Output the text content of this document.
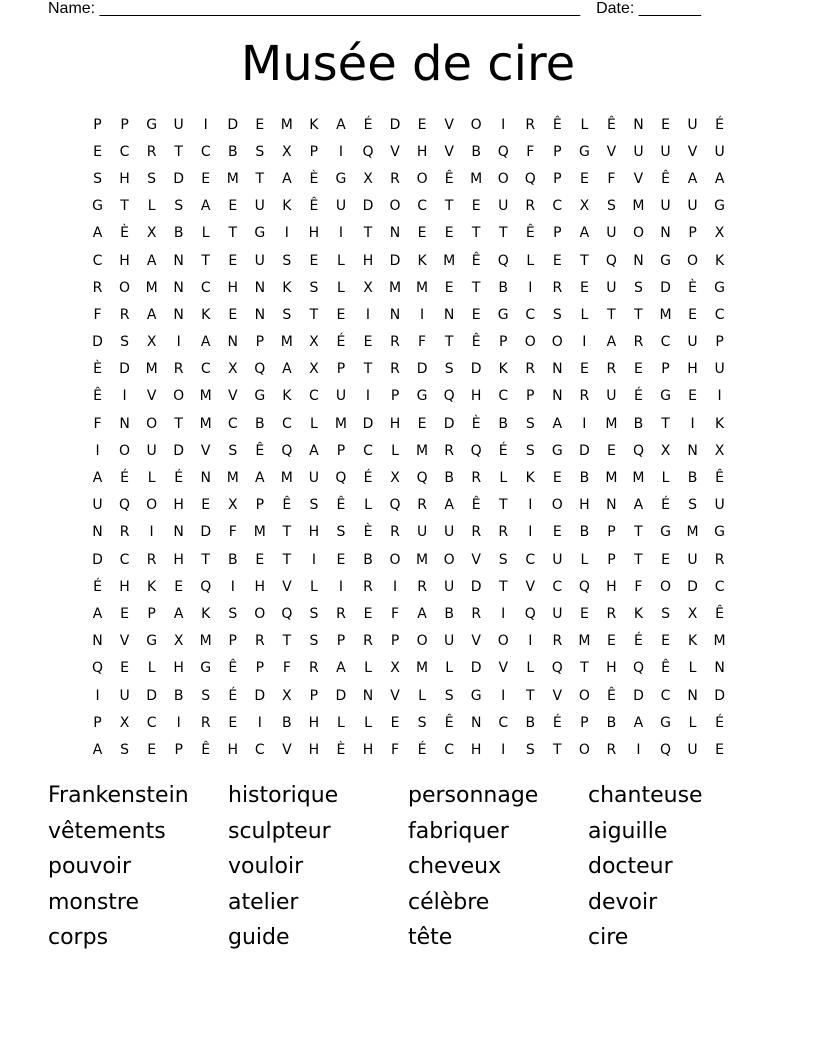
Name: ______________________________________________________ Date: _______
Musée de cire
P	P	G	U	I	D	E	M	K	A	É	D	E	V	O	I	R	Ê	L	Ê	N	E	U	É
E	C	R	T	C	B	S	X	P	I	Q	V	H	V	B	Q	F	P	G	V	U	U	V	U
S	H	S	D	E	M	T	A	È	G	X	R	O	Ê	M	O	Q	P	E	F	V	Ê	A	A
G	T	L	S	A	E	U	K	Ê	U	D	O	C	T	E	U	R	C	X	S	M	U	U	G
A	È	X	B	L	T	G	I	H	I	T	N	E	E	T	T	Ê	P	A	U	O	N	P	X
C	H	A	N	T	E	U	S	E	L	H	D	K	M	Ê	Q	L	E	T	Q	N	G	O	K
R	O	M	N	C	H	N	K	S	L	X	M	M	E	T	B	I	R	E	U	S	D	È	G
F	R	A	N	K	E	N	S	T	E	I	N	I	N	E	G	C	S	L	T	T	M	E	C
D	S	X	I	A	N	P	M	X	É	E	R	F	T	Ê	P	O	O	I	A	R	C	U	P
È	D	M	R	C	X	Q	A	X	P	T	R	D	S	D	K	R	N	E	R	E	P	H	U
Ê	I	V	O	M	V	G	K	C	U	I	P	G	Q	H	C	P	N	R	U	É	G	E	I
F	N	O	T	M	C	B	C	L	M	D	H	E	D	È	B	S	A	I	M	B	T	I	K
I	O	U	D	V	S	Ê	Q	A	P	C	L	M	R	Q	É	S	G	D	E	Q	X	N	X
A	É	L	É	N	M	A	M	U	Q	É	X	Q	B	R	L	K	E	B	M	M	L	B	Ê
U	Q	O	H	E	X	P	Ê	S	Ê	L	Q	R	A	Ê	T	I	O	H	N	A	É	S	U
N	R	I	N	D	F	M	T	H	S	È	R	U	U	R	R	I	E	B	P	T	G	M	G
D	C	R	H	T	B	E	T	I	E	B	O	M	O	V	S	C	U	L	P	T	E	U	R
É	H	K	E	Q	I	H	V	L	I	R	I	R	U	D	T	V	C	Q	H	F	O	D	C
A	E	P	A	K	S	O	Q	S	R	E	F	A	B	R	I	Q	U	E	R	K	S	X	Ê
N	V	G	X	M	P	R	T	S	P	R	P	O	U	V	O	I	R	M	E	É	E	K	M
Q	E	L	H	G	Ê	P	F	R	A	L	X	M	L	D	V	L	Q	T	H	Q	Ê	L	N
I	U	D	B	S	É	D	X	P	D	N	V	L	S	G	I	T	V	O	Ê	D	C	N	D
P	X	C	I	R	E	I	B	H	L	L	E	S	Ê	N	C	B	É	P	B	A	G	L	É
A	S	E	P	Ê	H	C	V	H	È	H	F	É	C	H	I	S	T	O	R	I	Q	U	E
Frankenstein	historique	personnage	chanteuse
vêtements	sculpteur	fabriquer	aiguille
pouvoir	vouloir	cheveux	docteur
monstre	atelier	célèbre	devoir
corps	guide	tête	cire
